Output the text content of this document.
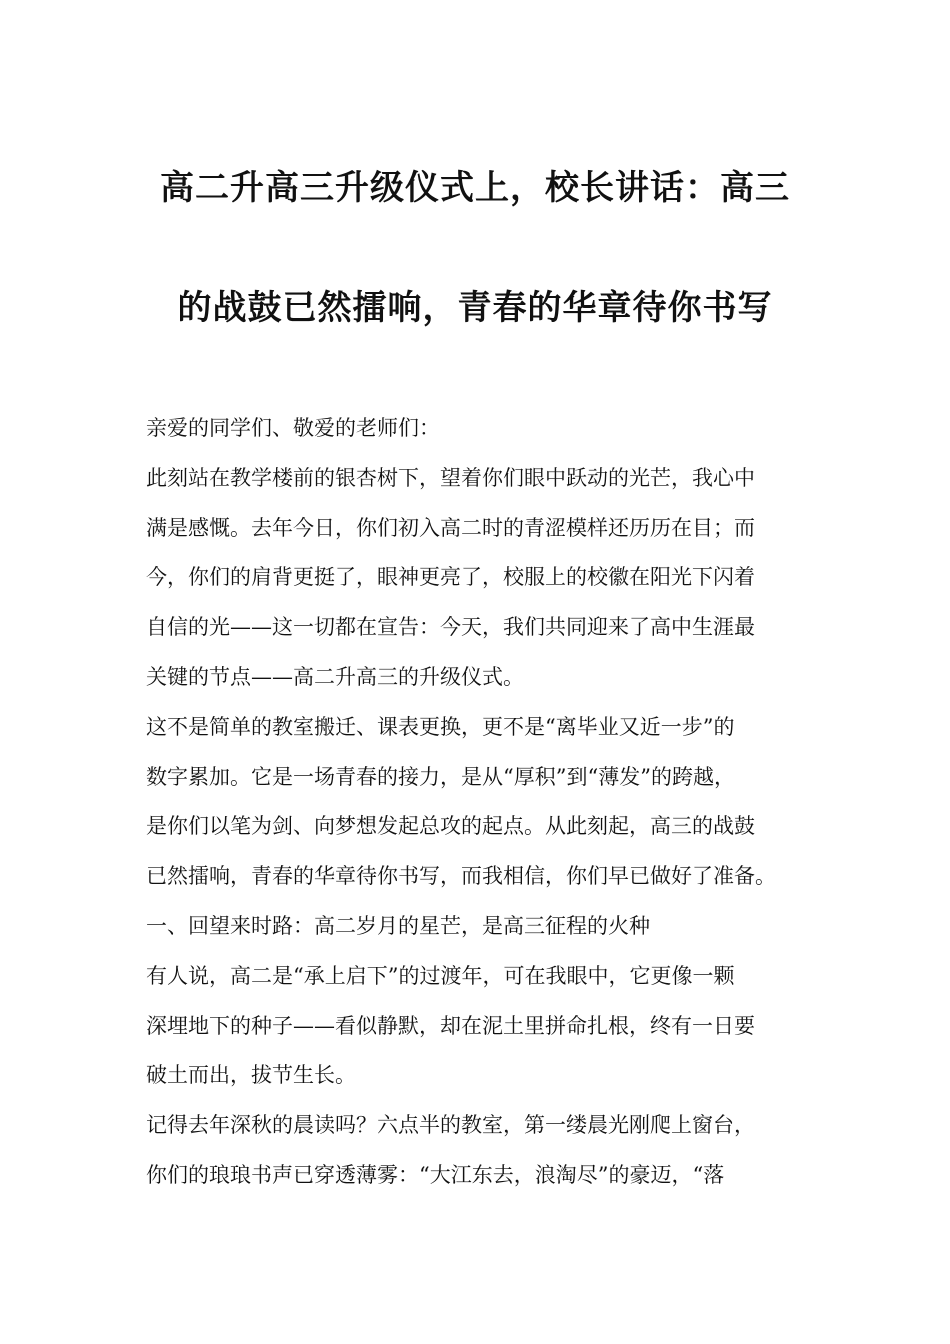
高二升高三升级仪式上，校长讲话：高三
的战鼓已然擂响，青春的华章待你书写
亲爱的同学们、敬爱的老师们：
此刻站在教学楼前的银杏树下，望着你们眼中跃动的光芒，我心中
满是感慨。去年今日，你们初入高二时的青涩模样还历历在目；而
今，你们的肩背更挺了，眼神更亮了，校服上的校徽在阳光下闪着
自信的光——这一切都在宣告：今天，我们共同迎来了高中生涯最
关键的节点——高二升高三的升级仪式。
这不是简单的教室搬迁、课表更换，更不是“离毕业又近一步”的
数字累加。它是一场青春的接力，是从“厚积”到“薄发”的跨越，
是你们以笔为剑、向梦想发起总攻的起点。从此刻起，高三的战鼓
已然擂响，青春的华章待你书写，而我相信，你们早已做好了准备。
一、回望来时路：高二岁月的星芒，是高三征程的火种
有人说，高二是“承上启下”的过渡年，可在我眼中，它更像一颗
深埋地下的种子——看似静默，却在泥土里拼命扎根，终有一日要
破土而出，拔节生长。
记得去年深秋的晨读吗？六点半的教室，第一缕晨光刚爬上窗台，
你们的琅琅书声已穿透薄雾：“大江东去，浪淘尽”的豪迈，“落
